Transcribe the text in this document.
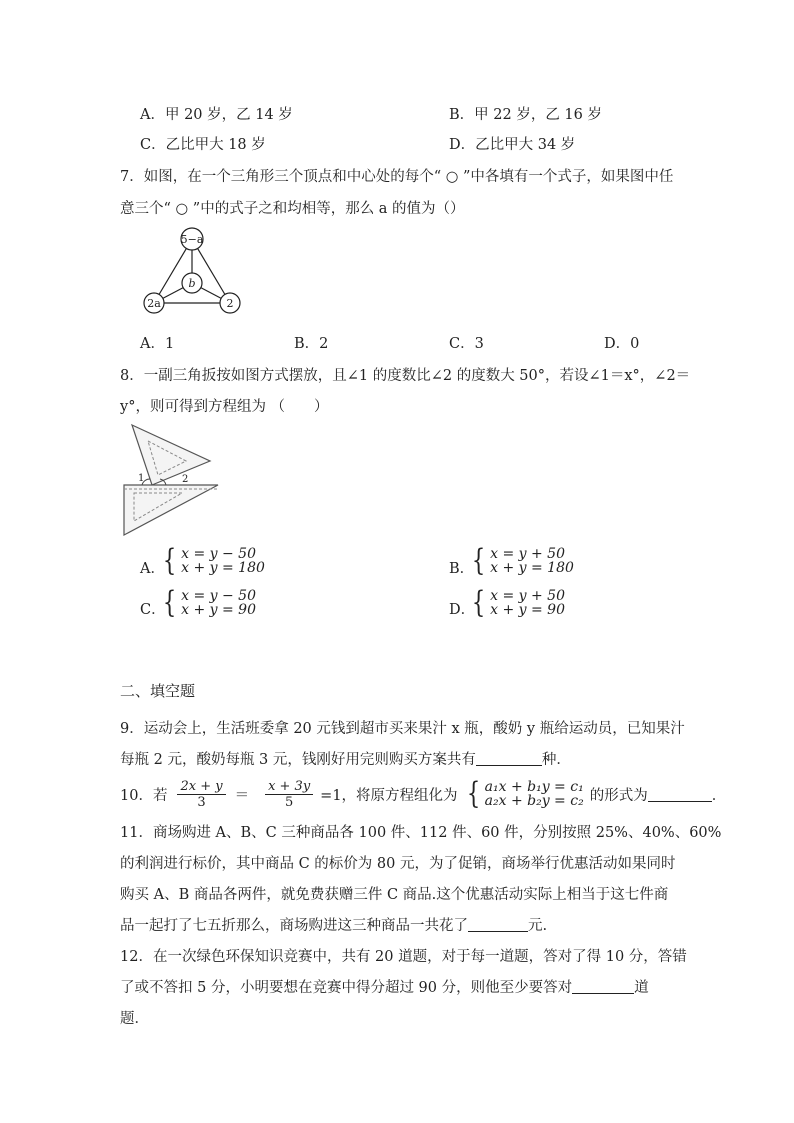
A．甲 20 岁，乙 14 岁	B．甲 22 岁，乙 16 岁
C．乙比甲大 18 岁	D．乙比甲大 34 岁
7．如图，在一个三角形三个顶点和中心处的每个“ ○ ”中各填有一个式子，如果图中任
意三个“ ○ ”中的式子之和均相等，那么 a 的值为（）
5−a
b
2a	2
A．1	B．2	C．3	D．0
8．一副三角扳按如图方式摆放，且∠1 的度数比∠2 的度数大 50°，若设∠1＝x°，∠2＝
y°，则可得到方程组为 （　　）
1	2
A．
{ x = y − 50
x + y = 180	B．
{ x = y + 50
x + y = 180
C．
{ x = y − 50
x + y = 90	D．
{ x = y + 50
x + y = 90
二、填空题
9．运动会上，生活班委拿 20 元钱到超市买来果汁 x 瓶，酸奶 y 瓶给运动员，已知果汁
每瓶 2 元，酸奶每瓶 3 元，钱刚好用完则购买方案共有	种．
10．若 $\frac{2x + y}{3} = \frac{x + 3y}{5} =1$，将原方程组化为 { a₁x + b₁y = c₁
a₂x + b₂y = c₂ 的形式为	．
11．商场购进 A、B、C 三种商品各 100 件、112 件、60 件，分别按照 25%、40%、60%
的利润进行标价，其中商品 C 的标价为 80 元，为了促销，商场举行优惠活动如果同时
购买 A、B 商品各两件，就免费获赠三件 C 商品.这个优惠活动实际上相当于这七件商
品一起打了七五折那么，商场购进这三种商品一共花了	元.
12．在一次绿色环保知识竞赛中，共有 20 道题，对于每一道题，答对了得 10 分，答错
了或不答扣 5 分，小明要想在竞赛中得分超过 90 分，则他至少要答对	道
题．
